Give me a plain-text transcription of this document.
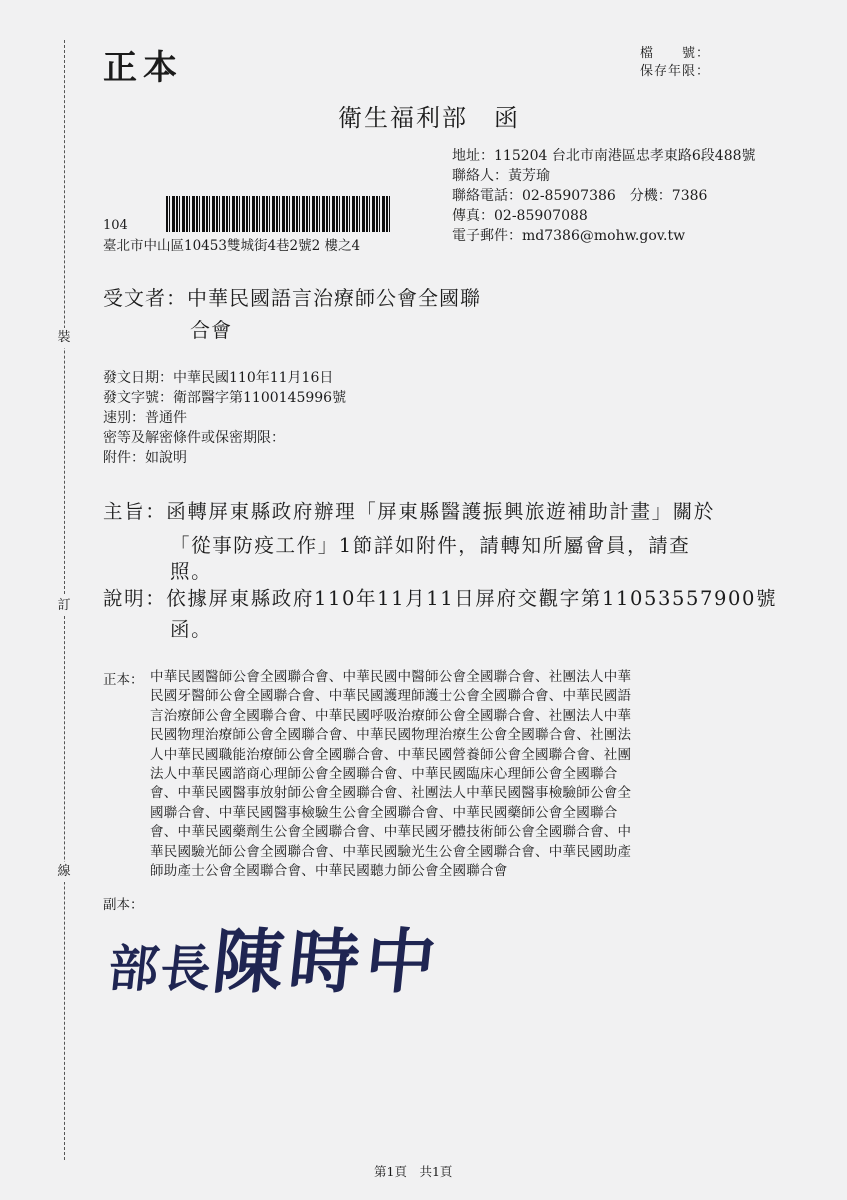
裝
訂
線
正本	檔　　號：
保存年限：
衛生福利部　函
地址：115204 台北市南港區忠孝東路6段488號
聯絡人：黃芳瑜
聯絡電話：02-85907386　分機：7386
傳真：02-85907088
電子郵件：md7386@mohw.gov.tw
104
臺北市中山區10453雙城街4巷2號2 樓之4
受文者：中華民國語言治療師公會全國聯
合會
發文日期：中華民國110年11月16日
發文字號：衛部醫字第1100145996號
速別：普通件
密等及解密條件或保密期限：
附件：如說明
主旨：函轉屏東縣政府辦理「屏東縣醫護振興旅遊補助計畫」關於
「從事防疫工作」1節詳如附件，請轉知所屬會員，請查
照。
說明：依據屏東縣政府110年11月11日屏府交觀字第11053557900號
函。
正本： 中華民國醫師公會全國聯合會、中華民國中醫師公會全國聯合會、社團法人中華
民國牙醫師公會全國聯合會、中華民國護理師護士公會全國聯合會、中華民國語
言治療師公會全國聯合會、中華民國呼吸治療師公會全國聯合會、社團法人中華
民國物理治療師公會全國聯合會、中華民國物理治療生公會全國聯合會、社團法
人中華民國職能治療師公會全國聯合會、中華民國營養師公會全國聯合會、社團
法人中華民國諮商心理師公會全國聯合會、中華民國臨床心理師公會全國聯合
會、中華民國醫事放射師公會全國聯合會、社團法人中華民國醫事檢驗師公會全
國聯合會、中華民國醫事檢驗生公會全國聯合會、中華民國藥師公會全國聯合
會、中華民國藥劑生公會全國聯合會、中華民國牙體技術師公會全國聯合會、中
華民國驗光師公會全國聯合會、中華民國驗光生公會全國聯合會、中華民國助產
師助產士公會全國聯合會、中華民國聽力師公會全國聯合會
副本：
部長陳時中
第1頁　共1頁
